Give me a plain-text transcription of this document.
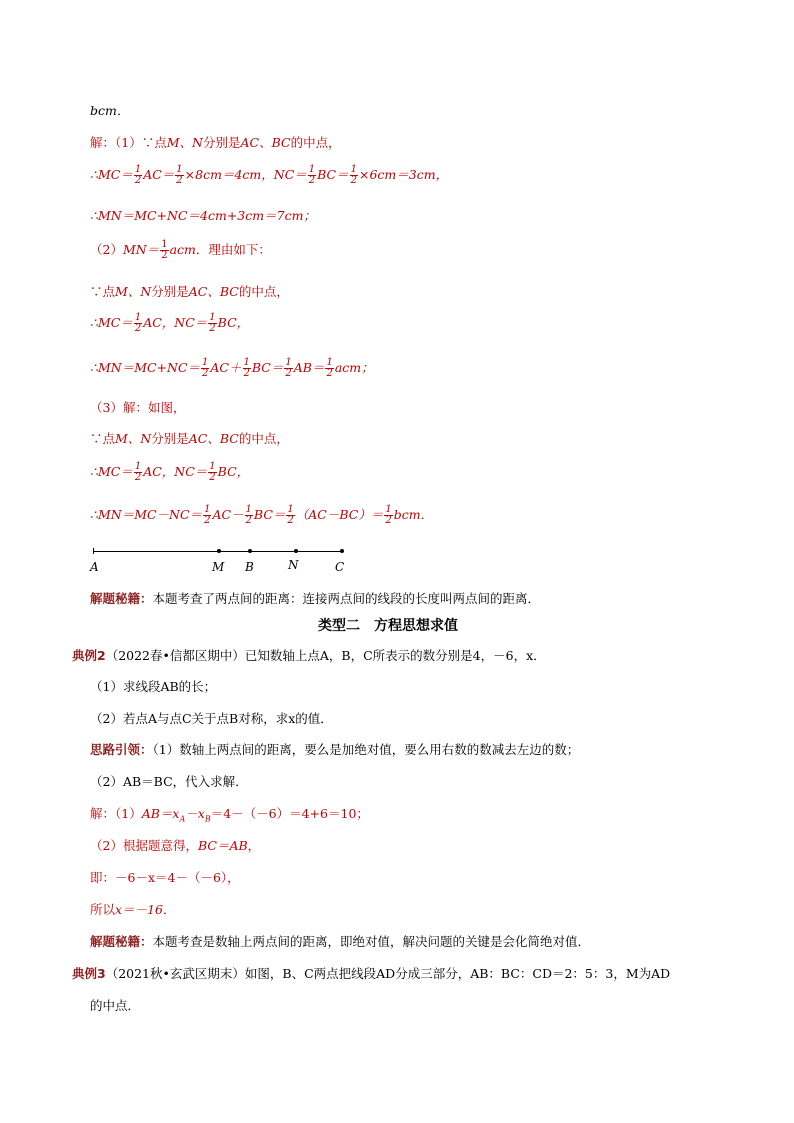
bcm．
解：（1）∵点M、N分别是AC、BC的中点，
∴MC＝ $\frac{1}{2} AC= \frac{1}{2} \times 8cm=4cm$，$NC= \frac{1}{2} BC= \frac{1}{2} \times 6cm=3cm$，
∴MN＝MC+NC＝4cm+3cm＝7cm；
$(2)MN= \frac{1}{2}$ acm．理由如下：
∵点M、N分别是AC、BC的中点，
∴MC＝ $\frac{1}{2}$ AC，$NC= \frac{1}{2}$ BC，
∴MN＝MC+NC＝ $\frac{1}{2} AC+ \frac{1}{2} BC= \frac{1}{2} AB= \frac{1}{2}$ acm；
（3）解：如图，
∵点M、N分别是AC、BC的中点，
∴MC＝ $\frac{1}{2}$ AC，$NC= \frac{1}{2}$ BC，
∴MN＝MC－NC＝ $\frac{1}{2} AC- \frac{1}{2} BC= \frac{1}{2} (AC-BC)= \frac{1}{2}$ bcm．
A	M B	N	C
解题秘籍：本题考查了两点间的距离：连接两点间的线段的长度叫两点间的距离．
类型二　方程思想求值
典例2（2022春•信都区期中）已知数轴上点A，B，C所表示的数分别是4，－6，x．
（1）求线段AB的长；
（2）若点A与点C关于点B对称，求x的值．
思路引领：（1）数轴上两点间的距离，要么是加绝对值，要么用右数的数减去左边的数；
（2）AB＝BC，代入求解．
解：$(1)AB=x_A-x_B=4-(-6)=4+6=10$；
（2）根据题意得，BC＝AB，
即：－6－x＝4－（－6），
所以x＝－16．
解题秘籍：本题考查是数轴上两点间的距离，即绝对值，解决问题的关键是会化简绝对值．
典例3（2021秋•玄武区期末）如图，B、C两点把线段AD分成三部分，AB：BC：CD＝2：5：3，M为AD
的中点．
